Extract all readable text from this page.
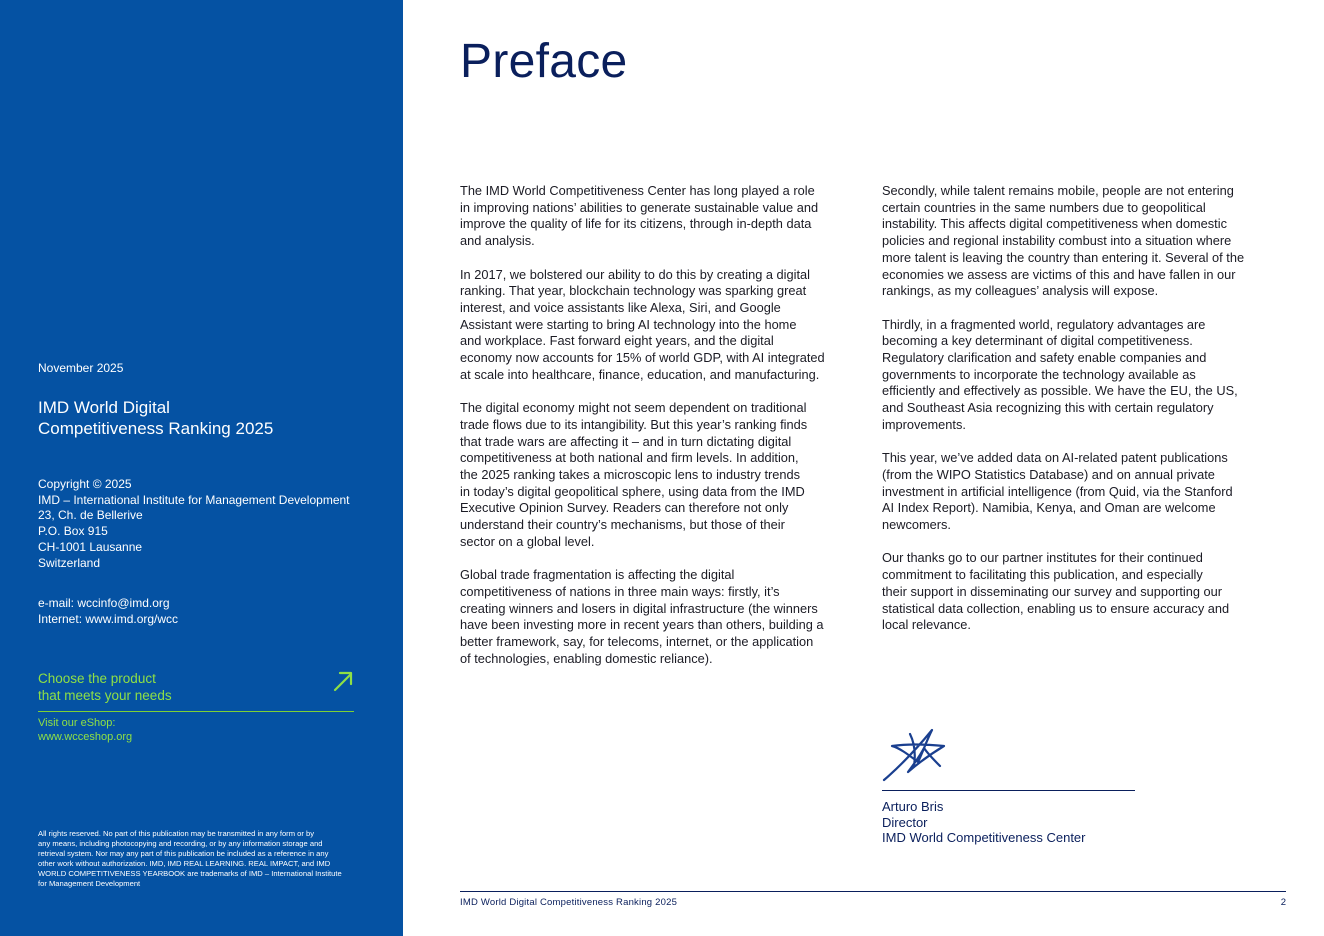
November 2025
IMD World Digital
Competitiveness Ranking 2025
Copyright © 2025
IMD – International Institute for Management Development
23, Ch. de Bellerive
P.O. Box 915
CH-1001 Lausanne
Switzerland
e-mail: wccinfo@imd.org
Internet: www.imd.org/wcc
Choose the product
that meets your needs
Visit our eShop:
www.wcceshop.org
All rights reserved. No part of this publication may be transmitted in any form or by
any means, including photocopying and recording, or by any information storage and
retrieval system. Nor may any part of this publication be included as a reference in any
other work without authorization. IMD, IMD REAL LEARNING. REAL IMPACT, and IMD
WORLD COMPETITIVENESS YEARBOOK are trademarks of IMD – International Institute
for Management Development
Preface

The IMD World Competitiveness Center has long played a role
in improving nations’ abilities to generate sustainable value and
improve the quality of life for its citizens, through in-depth data
and analysis.

In 2017, we bolstered our ability to do this by creating a digital
ranking. That year, blockchain technology was sparking great
interest, and voice assistants like Alexa, Siri, and Google
Assistant were starting to bring AI technology into the home
and workplace. Fast forward eight years, and the digital
economy now accounts for 15% of world GDP, with AI integrated
at scale into healthcare, finance, education, and manufacturing.

The digital economy might not seem dependent on traditional
trade flows due to its intangibility. But this year’s ranking finds
that trade wars are affecting it – and in turn dictating digital
competitiveness at both national and firm levels. In addition,
the 2025 ranking takes a microscopic lens to industry trends
in today’s digital geopolitical sphere, using data from the IMD
Executive Opinion Survey. Readers can therefore not only
understand their country’s mechanisms, but those of their
sector on a global level.

Global trade fragmentation is affecting the digital
competitiveness of nations in three main ways: firstly, it’s
creating winners and losers in digital infrastructure (the winners
have been investing more in recent years than others, building a
better framework, say, for telecoms, internet, or the application
of technologies, enabling domestic reliance).

Secondly, while talent remains mobile, people are not entering
certain countries in the same numbers due to geopolitical
instability. This affects digital competitiveness when domestic
policies and regional instability combust into a situation where
more talent is leaving the country than entering it. Several of the
economies we assess are victims of this and have fallen in our
rankings, as my colleagues’ analysis will expose.

Thirdly, in a fragmented world, regulatory advantages are
becoming a key determinant of digital competitiveness.
Regulatory clarification and safety enable companies and
governments to incorporate the technology available as
efficiently and effectively as possible. We have the EU, the US,
and Southeast Asia recognizing this with certain regulatory
improvements.

This year, we’ve added data on AI-related patent publications
(from the WIPO Statistics Database) and on annual private
investment in artificial intelligence (from Quid, via the Stanford
AI Index Report). Namibia, Kenya, and Oman are welcome
newcomers.

Our thanks go to our partner institutes for their continued
commitment to facilitating this publication, and especially
their support in disseminating our survey and supporting our
statistical data collection, enabling us to ensure accuracy and
local relevance.

Arturo Bris
Director
IMD World Competitiveness Center
IMD World Digital Competitiveness Ranking 2025	2
